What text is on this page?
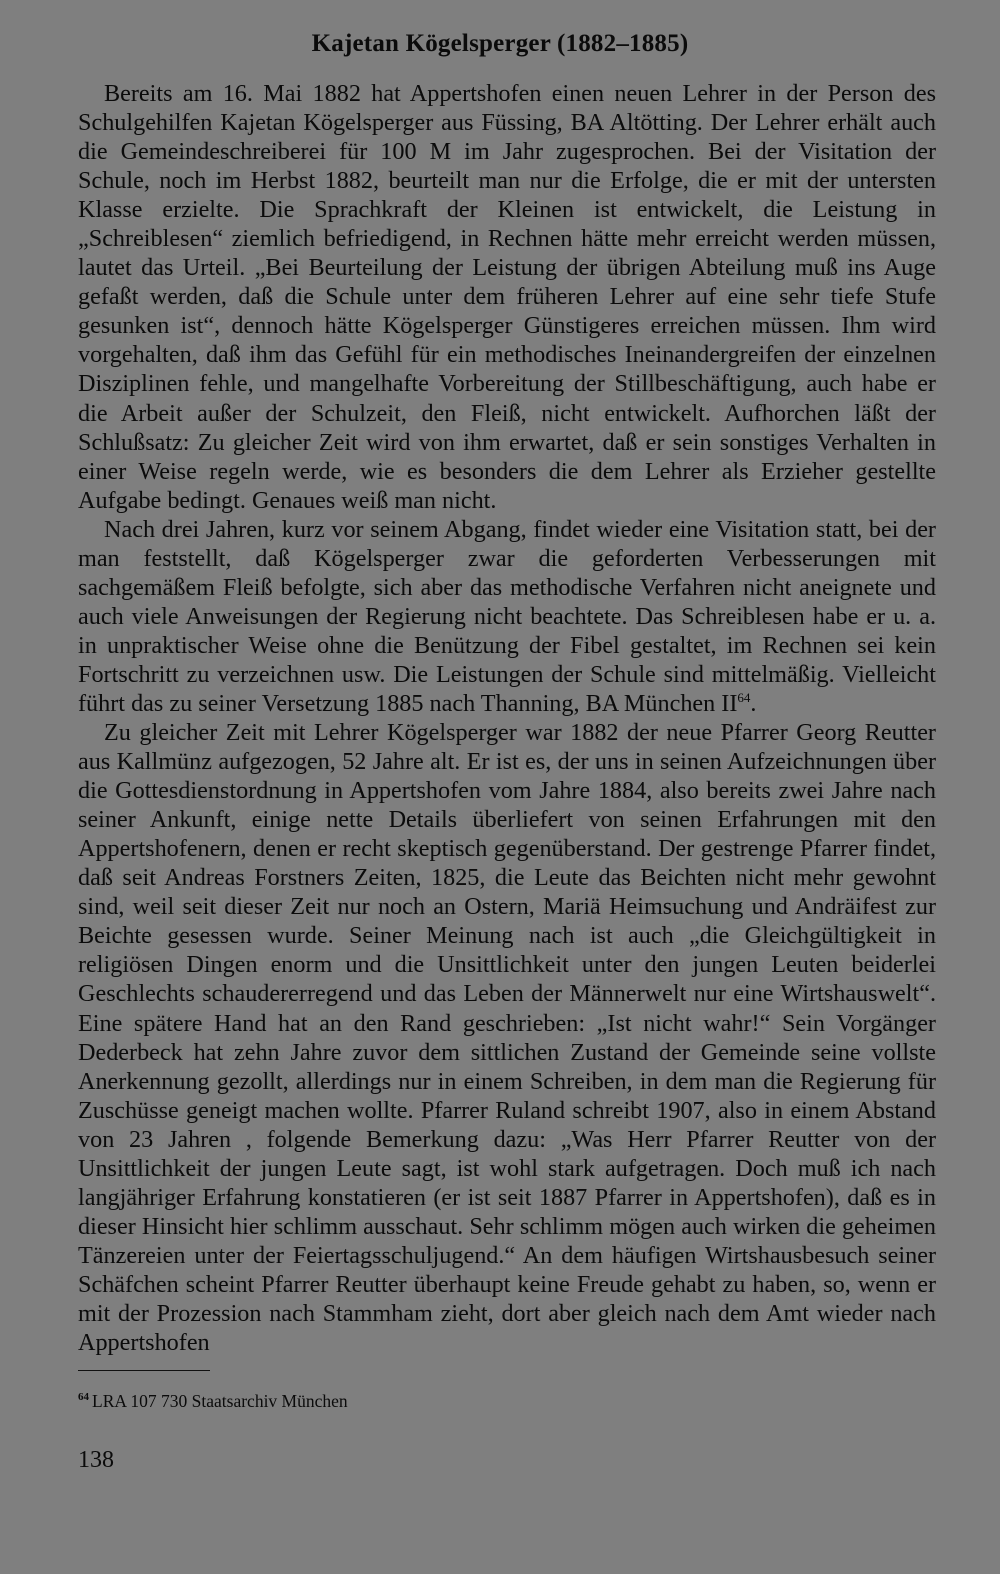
Kajetan Kögelsperger (1882–1885)

Bereits am 16. Mai 1882 hat Appertshofen einen neuen Lehrer in der Person des Schulgehilfen Kajetan Kögelsperger aus Füssing, BA Altötting. Der Lehrer erhält auch die Gemeindeschreiberei für 100 M im Jahr zugesprochen. Bei der Visitation der Schule, noch im Herbst 1882, beurteilt man nur die Erfolge, die er mit der untersten Klasse erzielte. Die Sprachkraft der Kleinen ist entwickelt, die Leistung in „Schreiblesen“ ziemlich befriedigend, in Rechnen hätte mehr erreicht werden müssen, lautet das Urteil. „Bei Beurteilung der Leistung der übrigen Abteilung muß ins Auge gefaßt werden, daß die Schule unter dem früheren Lehrer auf eine sehr tiefe Stufe gesunken ist“, dennoch hätte Kögelsperger Günstigeres erreichen müssen. Ihm wird vorgehalten, daß ihm das Gefühl für ein methodisches Ineinandergreifen der einzelnen Disziplinen fehle, und mangelhafte Vorbereitung der Stillbeschäftigung, auch habe er die Arbeit außer der Schulzeit, den Fleiß, nicht entwickelt. Aufhorchen läßt der Schlußsatz: Zu gleicher Zeit wird von ihm erwartet, daß er sein sonstiges Verhalten in einer Weise regeln werde, wie es besonders die dem Lehrer als Erzieher gestellte Aufgabe bedingt. Genaues weiß man nicht.

Nach drei Jahren, kurz vor seinem Abgang, findet wieder eine Visitation statt, bei der man feststellt, daß Kögelsperger zwar die geforderten Verbesserungen mit sachgemäßem Fleiß befolgte, sich aber das methodische Verfahren nicht aneignete und auch viele Anweisungen der Regierung nicht beachtete. Das Schreiblesen habe er u. a. in unpraktischer Weise ohne die Benützung der Fibel gestaltet, im Rechnen sei kein Fortschritt zu verzeichnen usw. Die Leistungen der Schule sind mittelmäßig. Vielleicht führt das zu seiner Versetzung 1885 nach Thanning, BA München II$^{64}$.

Zu gleicher Zeit mit Lehrer Kögelsperger war 1882 der neue Pfarrer Georg Reutter aus Kallmünz aufgezogen, 52 Jahre alt. Er ist es, der uns in seinen Aufzeichnungen über die Gottesdienstordnung in Appertshofen vom Jahre 1884, also bereits zwei Jahre nach seiner Ankunft, einige nette Details überliefert von seinen Erfahrungen mit den Appertshofenern, denen er recht skeptisch gegenüberstand. Der gestrenge Pfarrer findet, daß seit Andreas Forstners Zeiten, 1825, die Leute das Beichten nicht mehr gewohnt sind, weil seit dieser Zeit nur noch an Ostern, Mariä Heimsuchung und Andräifest zur Beichte gesessen wurde. Seiner Meinung nach ist auch „die Gleichgültigkeit in religiösen Dingen enorm und die Unsittlichkeit unter den jungen Leuten beiderlei Geschlechts schaudererregend und das Leben der Männerwelt nur eine Wirtshauswelt“. Eine spätere Hand hat an den Rand geschrieben: „Ist nicht wahr!“ Sein Vorgänger Dederbeck hat zehn Jahre zuvor dem sittlichen Zustand der Gemeinde seine vollste Anerkennung gezollt, allerdings nur in einem Schreiben, in dem man die Regierung für Zuschüsse geneigt machen wollte. Pfarrer Ruland schreibt 1907, also in einem Abstand von 23 Jahren , folgende Bemerkung dazu: „Was Herr Pfarrer Reutter von der Unsittlichkeit der jungen Leute sagt, ist wohl stark aufgetragen. Doch muß ich nach langjähriger Erfahrung konstatieren (er ist seit 1887 Pfarrer in Appertshofen), daß es in dieser Hinsicht hier schlimm ausschaut. Sehr schlimm mögen auch wirken die geheimen Tänzereien unter der Feiertagsschuljugend.“ An dem häufigen Wirtshausbesuch seiner Schäfchen scheint Pfarrer Reutter überhaupt keine Freude gehabt zu haben, so, wenn er mit der Prozession nach Stammham zieht, dort aber gleich nach dem Amt wieder nach Appertshofen

$^{64}$ LRA 107 730 Staatsarchiv München
138
